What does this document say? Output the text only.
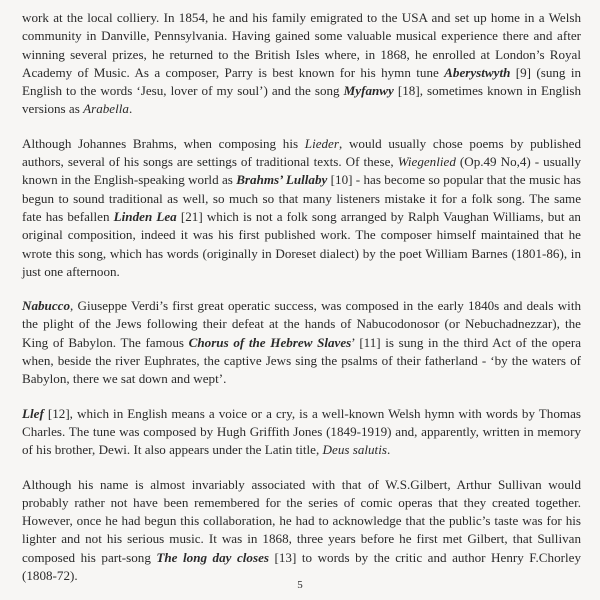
work at the local colliery. In 1854, he and his family emigrated to the USA and set up home in a Welsh community in Danville, Pennsylvania. Having gained some valuable musical experience there and after winning several prizes, he returned to the British Isles where, in 1868, he enrolled at London’s Royal Academy of Music. As a composer, Parry is best known for his hymn tune Aberystwyth [9] (sung in English to the words ‘Jesu, lover of my soul’) and the song Myfanwy [18], sometimes known in English versions as Arabella.

Although Johannes Brahms, when composing his Lieder, would usually chose poems by published authors, several of his songs are settings of traditional texts. Of these, Wiegenlied (Op.49 No,4) - usually known in the English-speaking world as Brahms’ Lullaby [10] - has become so popular that the music has begun to sound traditional as well, so much so that many listeners mistake it for a folk song. The same fate has befallen Linden Lea [21] which is not a folk song arranged by Ralph Vaughan Williams, but an original composition, indeed it was his first published work. The composer himself maintained that he wrote this song, which has words (originally in Doreset dialect) by the poet William Barnes (1801-86), in just one afternoon.

Nabucco, Giuseppe Verdi’s first great operatic success, was composed in the early 1840s and deals with the plight of the Jews following their defeat at the hands of Nabucodonosor (or Nebuchadnezzar), the King of Babylon. The famous Chorus of the Hebrew Slaves’ [11] is sung in the third Act of the opera when, beside the river Euphrates, the captive Jews sing the psalms of their fatherland - ‘by the waters of Babylon, there we sat down and wept’.

Llef [12], which in English means a voice or a cry, is a well-known Welsh hymn with words by Thomas Charles. The tune was composed by Hugh Griffith Jones (1849-1919) and, apparently, written in memory of his brother, Dewi. It also appears under the Latin title, Deus salutis.

Although his name is almost invariably associated with that of W.S.Gilbert, Arthur Sullivan would probably rather not have been remembered for the series of comic operas that they created together. However, once he had begun this collaboration, he had to acknowledge that the public’s taste was for his lighter and not his serious music. It was in 1868, three years before he first met Gilbert, that Sullivan composed his part-song The long day closes [13] to words by the critic and author Henry F.Chorley (1808-72).

5
